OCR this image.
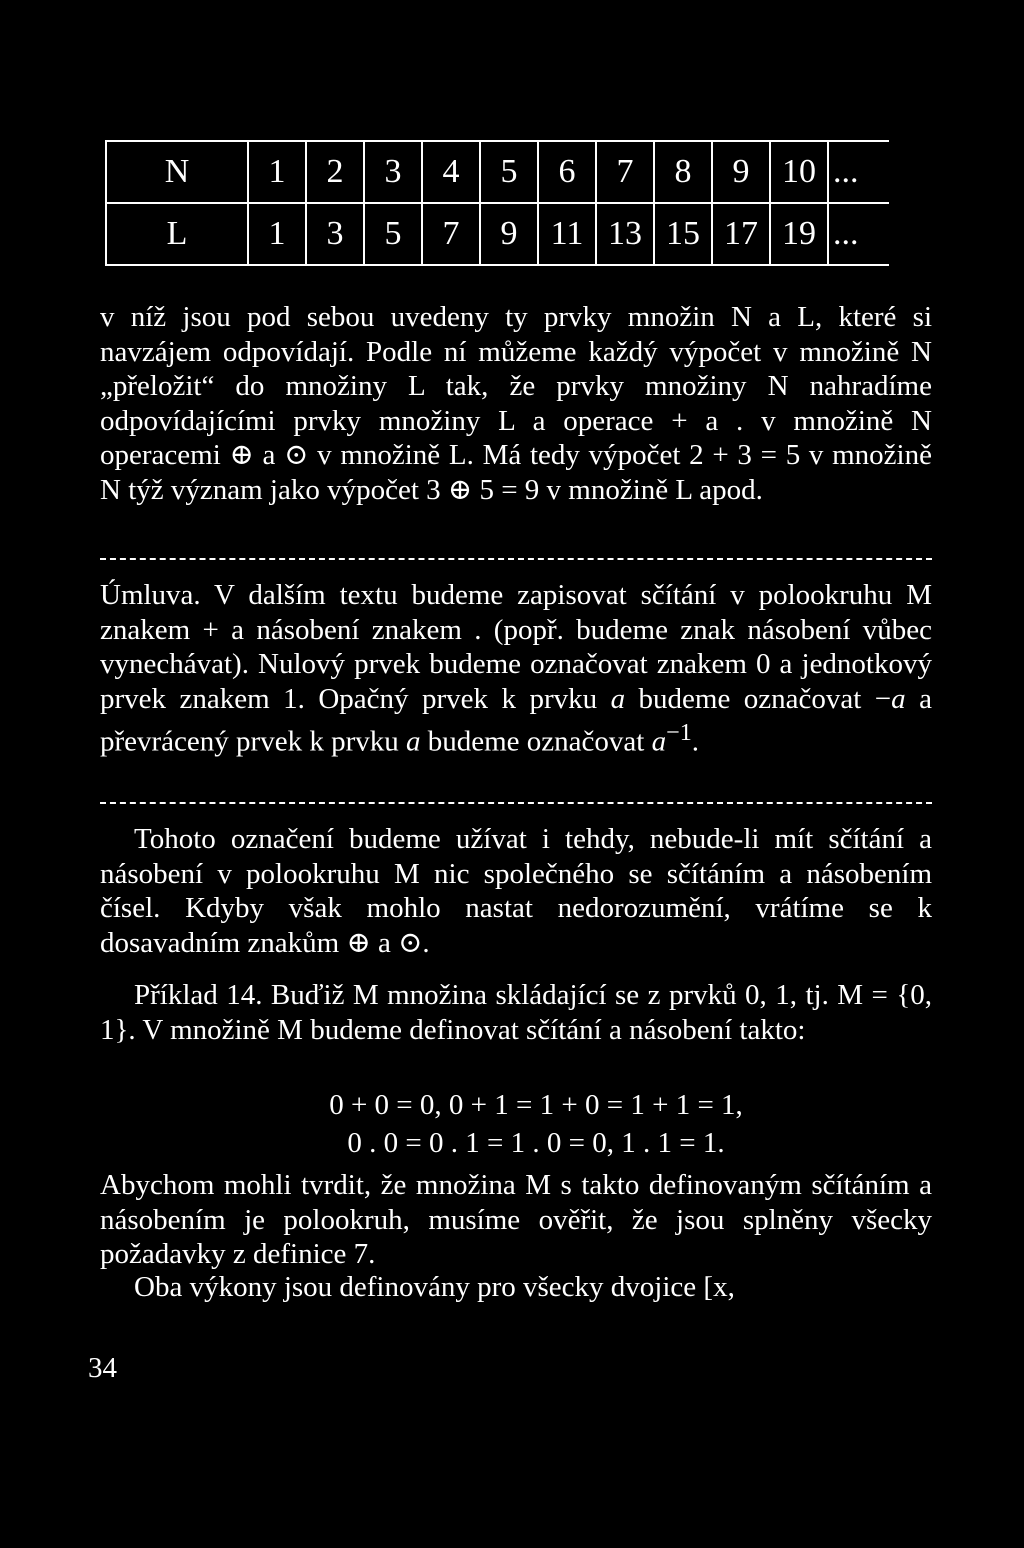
N	1	2	3	4	5	6	7	8	9	10	...
L	1	3	5	7	9	11	13	15	17	19	...

v níž jsou pod sebou uvedeny ty prvky množin N a L, které si navzájem odpovídají. Podle ní můžeme každý výpočet v množině N „přeložit“ do množiny L tak, že prvky množiny N nahradíme odpovídajícími prvky množiny L a operace + a . v množině N operacemi ⊕ a ⊙ v množině L. Má tedy výpočet 2 + 3 = 5 v množině N týž význam jako výpočet 3 ⊕ 5 = 9 v množině L apod.

Úmluva. V dalším textu budeme zapisovat sčítání v polookruhu M znakem + a násobení znakem . (popř. budeme znak násobení vůbec vynechávat). Nulový prvek budeme označovat znakem 0 a jednotkový prvek znakem 1. Opačný prvek k prvku a budeme označovat −a a převrácený prvek k prvku a budeme označovat $a^{-1}$.

Tohoto označení budeme užívat i tehdy, nebude-li mít sčítání a násobení v polookruhu M nic společného se sčítáním a násobením čísel. Kdyby však mohlo nastat nedorozumění, vrátíme se k dosavadním znakům ⊕ a ⊙.

Příklad 14. Buďiž M množina skládající se z prvků 0, 1, tj. M = {0, 1}. V množině M budeme definovat sčítání a násobení takto:

0 + 0 = 0, 0 + 1 = 1 + 0 = 1 + 1 = 1,
0 . 0 = 0 . 1 = 1 . 0 = 0, 1 . 1 = 1.

Abychom mohli tvrdit, že množina M s takto definovaným sčítáním a násobením je polookruh, musíme ověřit, že jsou splněny všecky požadavky z definice 7.

Oba výkony jsou definovány pro všecky dvojice [x,

34
